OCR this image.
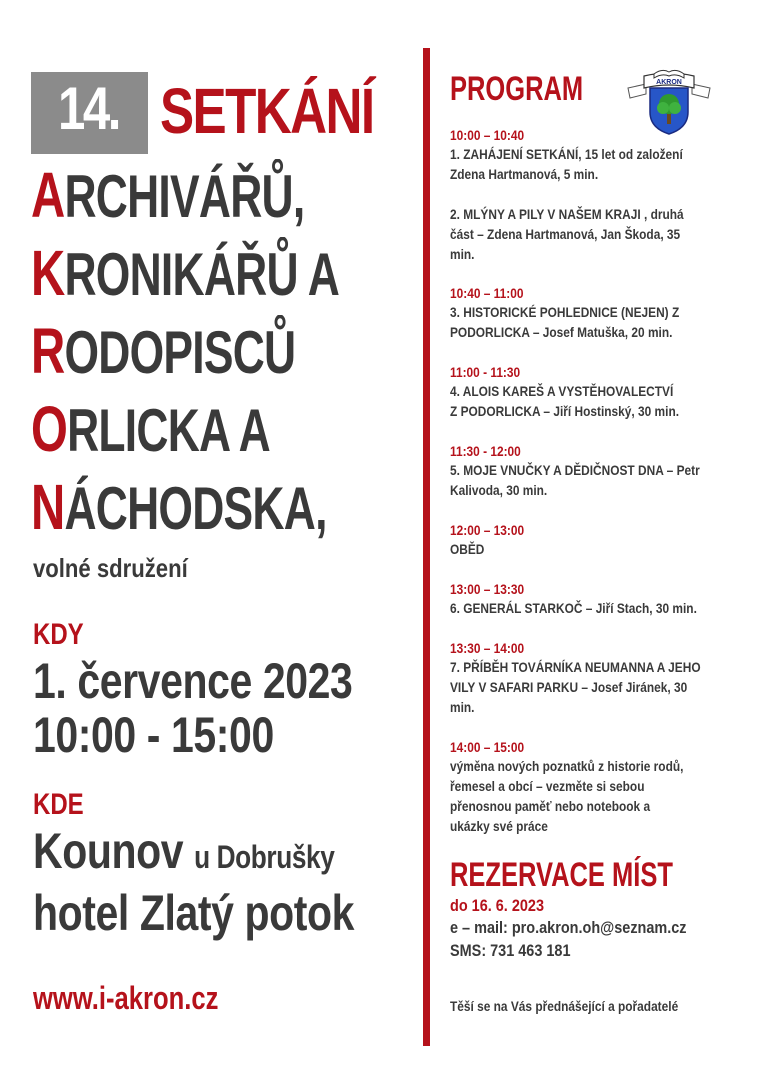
14. SETKÁNÍ
ARCHIVÁŘŮ,
KRONIKÁŘŮ A
RODOPISCŮ
ORLICKA A
NÁCHODSKA,
volné sdružení
KDY
1. července 2023
10:00 - 15:00
KDE
Kounov u Dobrušky
hotel Zlatý potok
www.i-akron.cz
PROGRAM	AKRON
10:00 – 10:40
1. ZAHÁJENÍ SETKÁNÍ, 15 let od založení
Zdena Hartmanová, 5 min.
2. MLÝNY A PILY V NAŠEM KRAJI , druhá
část – Zdena Hartmanová, Jan Škoda, 35
min.
10:40 – 11:00
3. HISTORICKÉ POHLEDNICE (NEJEN) Z
PODORLICKA – Josef Matuška, 20 min.
11:00 - 11:30
4. ALOIS KAREŠ A VYSTĚHOVALECTVÍ
Z PODORLICKA – Jiří Hostinský, 30 min.
11:30 - 12:00
5. MOJE VNUČKY A DĚDIČNOST DNA – Petr
Kalivoda, 30 min.
12:00 – 13:00
OBĚD
13:00 – 13:30
6. GENERÁL STARKOČ – Jiří Stach, 30 min.
13:30 – 14:00
7. PŘÍBĚH TOVÁRNÍKA NEUMANNA A JEHO
VILY V SAFARI PARKU – Josef Jiránek, 30
min.
14:00 – 15:00
výměna nových poznatků z historie rodů,
řemesel a obcí – vezměte si sebou
přenosnou paměť nebo notebook a
ukázky své práce
REZERVACE MÍST
do 16. 6. 2023
e – mail: pro.akron.oh@seznam.cz
SMS: 731 463 181
Těší se na Vás přednášející a pořadatelé
